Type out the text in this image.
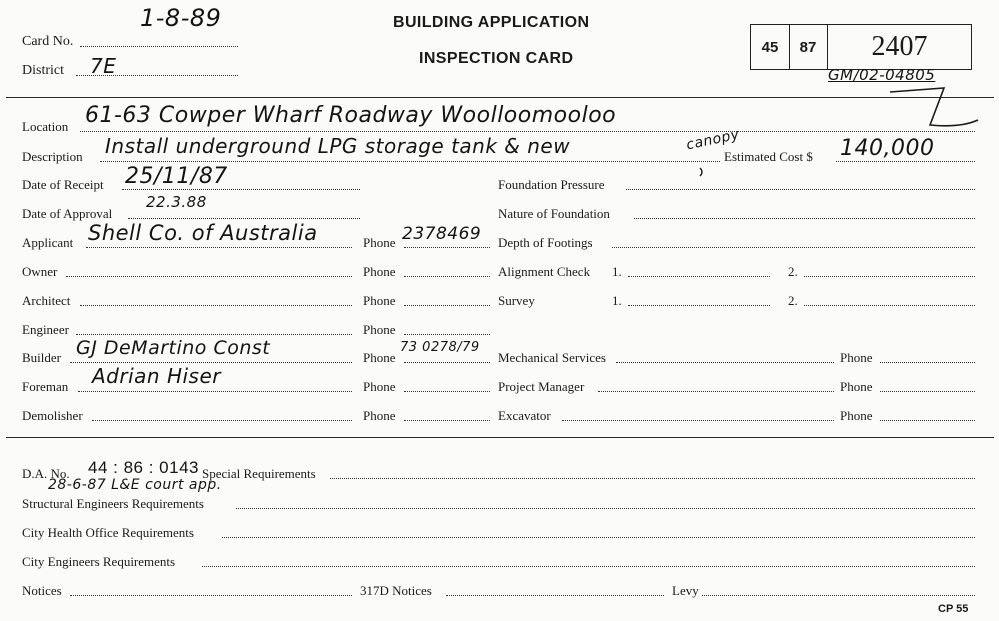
Card No.
1-8-89
District 7E
BUILDING APPLICATION
INSPECTION CARD
45	87	2407
GM/02-04805
Location 61-63 Cowper Wharf Roadway Woolloomooloo
Description Install underground LPG storage tank & new	canopy
Estimated Cost $ 140,000
Date of Receipt 25/11/87
Date of Approval
22.3.88
Applicant Shell Co. of Australia	Phone 2378469
Owner	Phone
Architect	Phone
Engineer	Phone
Builder GJ DeMartino Const	Phone
73 0278/79
Foreman Adrian Hiser	Phone
Demolisher	Phone
Foundation Pressure
Nature of Foundation
Depth of Footings
Alignment Check 1.	2.
Survey	1.	2.
Mechanical Services	Phone
Project Manager	Phone
Excavator	Phone
D.A. No. 44 : 86 : 0143 Special Requirements
28-6-87 L&E court app.
Structural Engineers Requirements
City Health Office Requirements
City Engineers Requirements
Notices	317D Notices	Levy
CP 55
